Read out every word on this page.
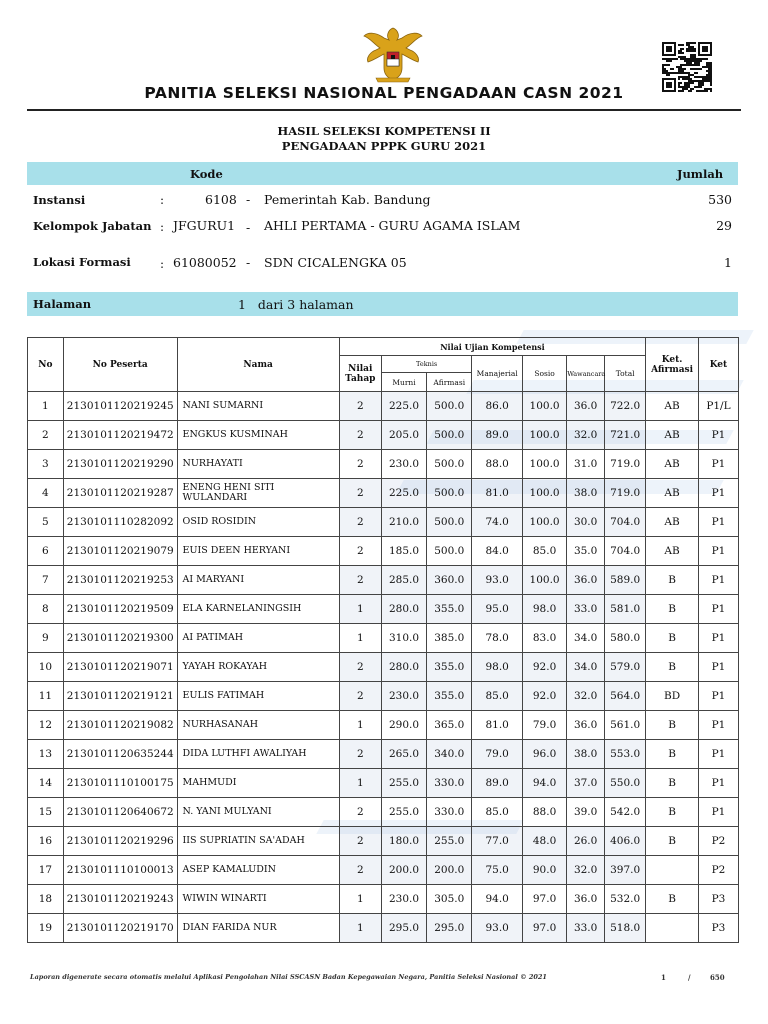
PANITIA SELEKSI NASIONAL PENGADAAN CASN 2021
HASIL SELEKSI KOMPETENSI II
PENGADAAN PPPK GURU 2021
Kode	Jumlah
Instansi	:	6108 - Pemerintah Kab. Bandung	530
Kelompok Jabatan : JFGURU1 - AHLI PERTAMA - GURU AGAMA ISLAM	29
Lokasi Formasi : 61080052 - SDN CICALENGKA 05	1
Halaman	1   dari 3 halaman
No	No Peserta	Nama	Nilai Ujian Kompetensi							Ket. Afirmasi	Ket
			Nilai Tahap	Teknis		Manajerial	Sosio	Wawancara	Total		
				Murni	Afirmasi						
1	2130101120219245	NANI SUMARNI	2	225.0	500.0	86.0	100.0	36.0	722.0	AB	P1/L
2	2130101120219472	ENGKUS KUSMINAH	2	205.0	500.0	89.0	100.0	32.0	721.0	AB	P1
3	2130101120219290	NURHAYATI	2	230.0	500.0	88.0	100.0	31.0	719.0	AB	P1
4	2130101120219287	ENENG HENI SITI WULANDARI	2	225.0	500.0	81.0	100.0	38.0	719.0	AB	P1
5	2130101110282092	OSID ROSIDIN	2	210.0	500.0	74.0	100.0	30.0	704.0	AB	P1
6	2130101120219079	EUIS DEEN HERYANI	2	185.0	500.0	84.0	85.0	35.0	704.0	AB	P1
7	2130101120219253	AI MARYANI	2	285.0	360.0	93.0	100.0	36.0	589.0	B	P1
8	2130101120219509	ELA KARNELANINGSIH	1	280.0	355.0	95.0	98.0	33.0	581.0	B	P1
9	2130101120219300	AI PATIMAH	1	310.0	385.0	78.0	83.0	34.0	580.0	B	P1
10	2130101120219071	YAYAH ROKAYAH	2	280.0	355.0	98.0	92.0	34.0	579.0	B	P1
11	2130101120219121	EULIS FATIMAH	2	230.0	355.0	85.0	92.0	32.0	564.0	BD	P1
12	2130101120219082	NURHASANAH	1	290.0	365.0	81.0	79.0	36.0	561.0	B	P1
13	2130101120635244	DIDA LUTHFI AWALIYAH	2	265.0	340.0	79.0	96.0	38.0	553.0	B	P1
14	2130101110100175	MAHMUDI	1	255.0	330.0	89.0	94.0	37.0	550.0	B	P1
15	2130101120640672	N. YANI MULYANI	2	255.0	330.0	85.0	88.0	39.0	542.0	B	P1
16	2130101120219296	IIS SUPRIATIN SA'ADAH	2	180.0	255.0	77.0	48.0	26.0	406.0	B	P2
17	2130101110100013	ASEP KAMALUDIN	2	200.0	200.0	75.0	90.0	32.0	397.0		P2
18	2130101120219243	WIWIN WINARTI	1	230.0	305.0	94.0	97.0	36.0	532.0	B	P3
19	2130101120219170	DIAN FARIDA NUR	1	295.0	295.0	93.0	97.0	33.0	518.0		P3
Laporan digenerate secara otomatis melalui Aplikasi Pengolahan Nilai SSCASN Badan Kepegawaian Negara, Panitia Seleksi Nasional © 2021	1	/	650
